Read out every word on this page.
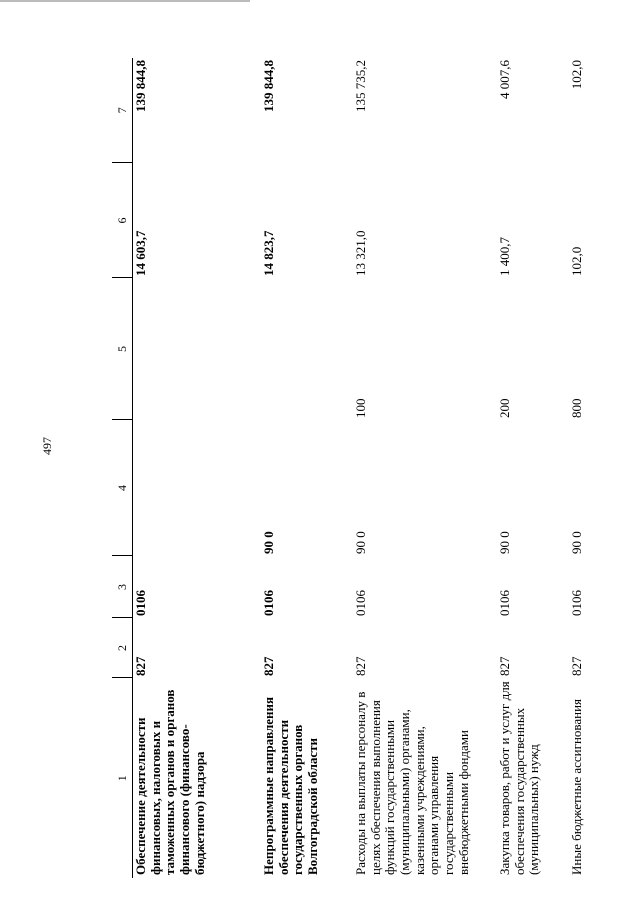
497
1	2	3	4	5	6	7
Обеспечение деятельности финансовых, налоговых и таможенных органов и органов финансового (финансово-бюджетного) надзора	827	0106			14 603,7	139 844,8
Непрограммные направления обеспечения деятельности государственных органов Волгоградской области	827	0106	90 0		14 823,7	139 844,8
Расходы на выплаты персоналу в целях обеспечения выполнения функций государственными (муниципальными) органами, казенными учреждениями, органами управления государственными внебюджетными фондами	827	0106	90 0	100	13 321,0	135 735,2
Закупка товаров, работ и услуг для обеспечения государственных (муниципальных) нужд	827	0106	90 0	200	1 400,7	4 007,6
Иные бюджетные ассигнования	827	0106	90 0	800	102,0	102,0
